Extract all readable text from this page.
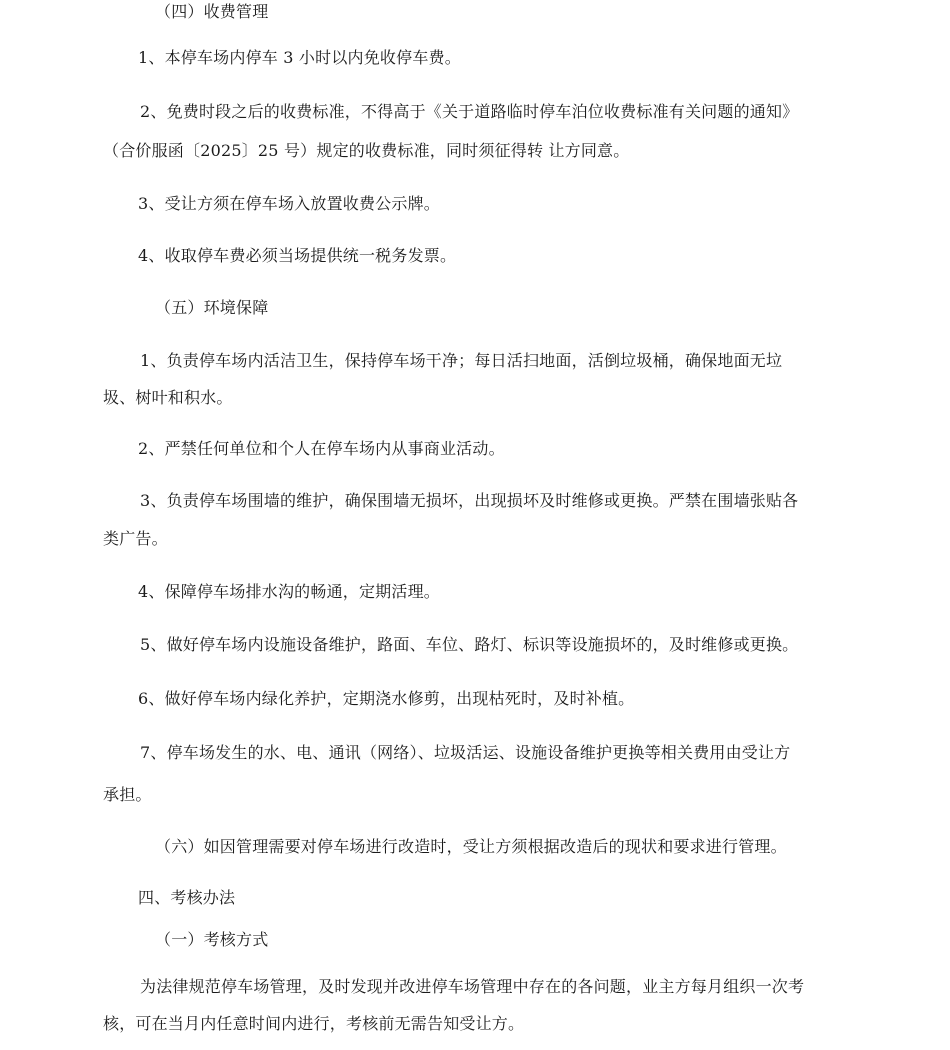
（四）收费管理

1、本停车场内停车 3 小时以内免收停车费。

2、免费时段之后的收费标准，不得高于《关于道路临时停车泊位收费标准有关问题的通知》

（合价服函〔2025〕25 号）规定的收费标准，同时须征得转 让方同意。

3、受让方须在停车场入放置收费公示牌。

4、收取停车费必须当场提供统一税务发票。

（五）环境保障

1、负责停车场内活洁卫生，保持停车场干净；每日活扫地面，活倒垃圾桶，确保地面无垃

圾、树叶和积水。

2、严禁任何单位和个人在停车场内从事商业活动。

3、负责停车场围墙的维护，确保围墙无损坏，出现损坏及时维修或更换。严禁在围墙张贴各

类广告。

4、保障停车场排水沟的畅通，定期活理。

5、做好停车场内设施设备维护，路面、车位、路灯、标识等设施损坏的，及时维修或更换。

6、做好停车场内绿化养护，定期浇水修剪，出现枯死时，及时补植。

7、停车场发生的水、电、通讯（网络）、垃圾活运、设施设备维护更换等相关费用由受让方

承担。

（六）如因管理需要对停车场进行改造时，受让方须根据改造后的现状和要求进行管理。

四、考核办法

（一）考核方式

为法律规范停车场管理，及时发现并改进停车场管理中存在的各问题，业主方每月组织一次考

核，可在当月内任意时间内进行，考核前无需告知受让方。
